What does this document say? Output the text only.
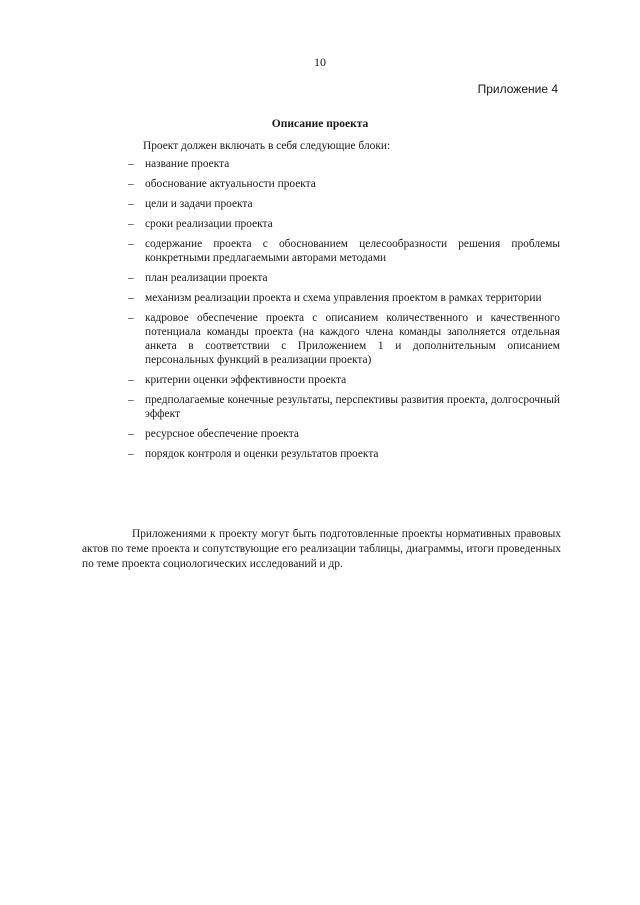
10
Приложение 4
Описание проекта
Проект должен включать в себя следующие блоки:
– название проекта
– обоснование актуальности проекта
– цели и задачи проекта
– сроки реализации проекта
– содержание проекта с обоснованием целесообразности решения проблемы конкретными предлагаемыми авторами методами
– план реализации проекта
– механизм реализации проекта и схема управления проектом в рамках территории
– кадровое обеспечение проекта с описанием количественного и качественного потенциала команды проекта (на каждого члена команды заполняется отдельная анкета в соответствии с Приложением 1 и дополнительным описанием персональных функций в реализации проекта)
– критерии оценки эффективности проекта
– предполагаемые конечные результаты, перспективы развития проекта, долгосрочный эффект
– ресурсное обеспечение проекта
– порядок контроля и оценки результатов проекта
Приложениями к проекту могут быть подготовленные проекты нормативных правовых актов по теме проекта и сопутствующие его реализации таблицы, диаграммы, итоги проведенных по теме проекта социологических исследований и др.
